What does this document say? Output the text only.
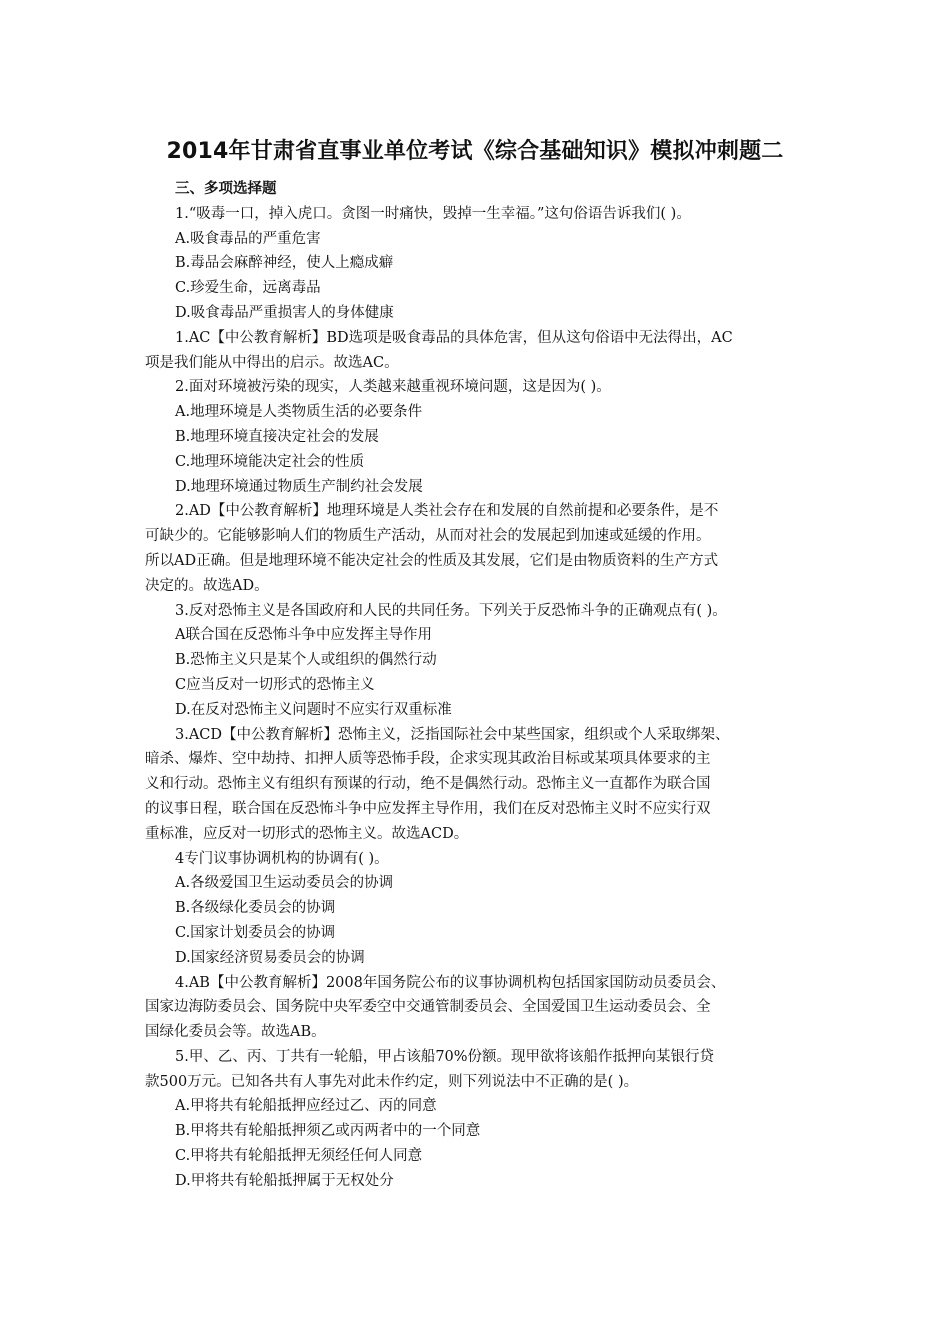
2014年甘肃省直事业单位考试《综合基础知识》模拟冲刺题二
三、多项选择题
1.“吸毒一口，掉入虎口。贪图一时痛快，毁掉一生幸福。”这句俗语告诉我们( )。
A.吸食毒品的严重危害
B.毒品会麻醉神经，使人上瘾成癖
C.珍爱生命，远离毒品
D.吸食毒品严重损害人的身体健康
1.AC【中公教育解析】BD选项是吸食毒品的具体危害，但从这句俗语中无法得出，AC
项是我们能从中得出的启示。故选AC。
2.面对环境被污染的现实，人类越来越重视环境问题，这是因为( )。
A.地理环境是人类物质生活的必要条件
B.地理环境直接决定社会的发展
C.地理环境能决定社会的性质
D.地理环境通过物质生产制约社会发展
2.AD【中公教育解析】地理环境是人类社会存在和发展的自然前提和必要条件，是不
可缺少的。它能够影响人们的物质生产活动，从而对社会的发展起到加速或延缓的作用。
所以AD正确。但是地理环境不能决定社会的性质及其发展，它们是由物质资料的生产方式
决定的。故选AD。
3.反对恐怖主义是各国政府和人民的共同任务。下列关于反恐怖斗争的正确观点有( )。
A联合国在反恐怖斗争中应发挥主导作用
B.恐怖主义只是某个人或组织的偶然行动
C应当反对一切形式的恐怖主义
D.在反对恐怖主义问题时不应实行双重标准
3.ACD【中公教育解析】恐怖主义，泛指国际社会中某些国家，组织或个人采取绑架、
暗杀、爆炸、空中劫持、扣押人质等恐怖手段，企求实现其政治目标或某项具体要求的主
义和行动。恐怖主义有组织有预谋的行动，绝不是偶然行动。恐怖主义一直都作为联合国
的议事日程，联合国在反恐怖斗争中应发挥主导作用，我们在反对恐怖主义时不应实行双
重标准，应反对一切形式的恐怖主义。故选ACD。
4专门议事协调机构的协调有( )。
A.各级爱国卫生运动委员会的协调
B.各级绿化委员会的协调
C.国家计划委员会的协调
D.国家经济贸易委员会的协调
4.AB【中公教育解析】2008年国务院公布的议事协调机构包括国家国防动员委员会、
国家边海防委员会、国务院中央军委空中交通管制委员会、全国爱国卫生运动委员会、全
国绿化委员会等。故选AB。
5.甲、乙、丙、丁共有一轮船，甲占该船70%份额。现甲欲将该船作抵押向某银行贷
款500万元。已知各共有人事先对此未作约定，则下列说法中不正确的是( )。
A.甲将共有轮船抵押应经过乙、丙的同意
B.甲将共有轮船抵押须乙或丙两者中的一个同意
C.甲将共有轮船抵押无须经任何人同意
D.甲将共有轮船抵押属于无权处分
